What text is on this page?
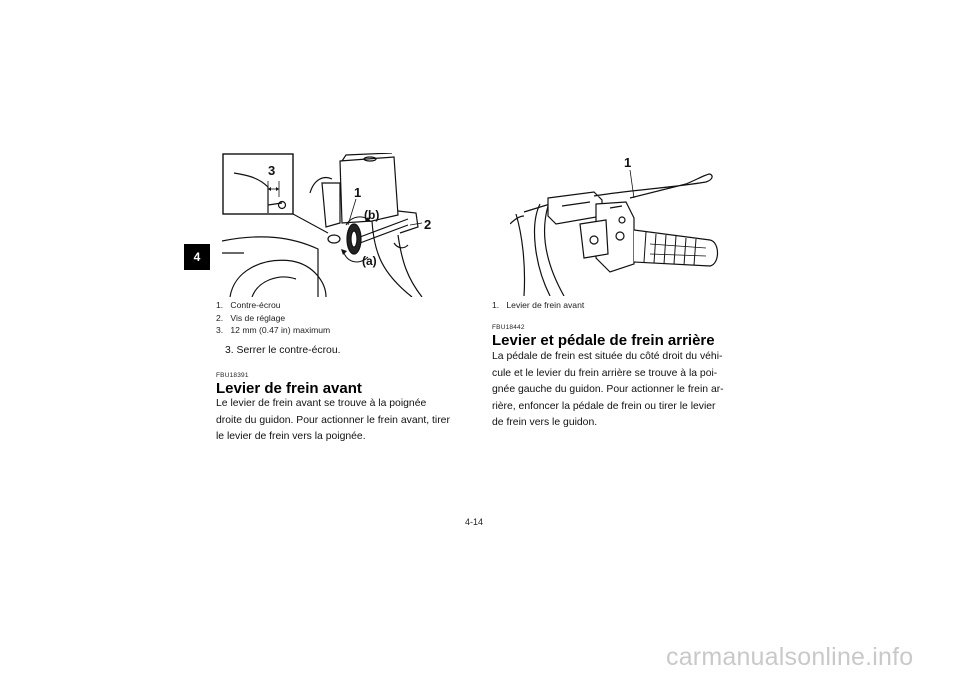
4
3
1
(b)
2
(a)
1. Contre-écrou
2. Vis de réglage
3. 12 mm (0.47 in) maximum
3. Serrer le contre-écrou.
FBU18391
Levier de frein avant
Le levier de frein avant se trouve à la poignée
droite du guidon. Pour actionner le frein avant, tirer
le levier de frein vers la poignée.
1
1. Levier de frein avant
FBU18442
Levier et pédale de frein arrière
La pédale de frein est située du côté droit du véhi-
cule et le levier du frein arrière se trouve à la poi-
gnée gauche du guidon. Pour actionner le frein ar-
rière, enfoncer la pédale de frein ou tirer le levier
de frein vers le guidon.
4-14
carmanualsonline.info
